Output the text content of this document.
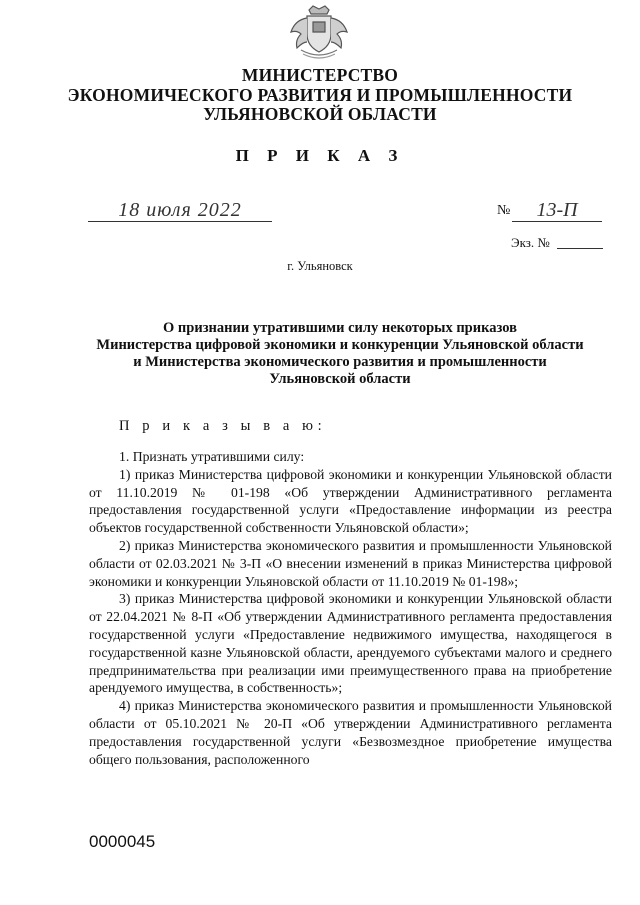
МИНИСТЕРСТВО
ЭКОНОМИЧЕСКОГО РАЗВИТИЯ И ПРОМЫШЛЕННОСТИ
УЛЬЯНОВСКОЙ ОБЛАСТИ
П Р И К А З
18 июля 2022	№	13-П
Экз. №
г. Ульяновск
О признании утратившими силу некоторых приказов
Министерства цифровой экономики и конкуренции Ульяновской области
и Министерства экономического развития и промышленности
Ульяновской области
П р и к а з ы в а ю:

1. Признать утратившими силу:

1) приказ Министерства цифровой экономики и конкуренции Ульяновской области от 11.10.2019 № 01-198 «Об утверждении Административного регламента предоставления государственной услуги «Предоставление информации из реестра объектов государственной собственности Ульяновской области»;

2) приказ Министерства экономического развития и промышленности Ульяновской области от 02.03.2021 № 3-П «О внесении изменений в приказ Министерства цифровой экономики и конкуренции Ульяновской области от 11.10.2019 № 01-198»;

3) приказ Министерства цифровой экономики и конкуренции Ульяновской области от 22.04.2021 № 8-П «Об утверждении Административного регламента предоставления государственной услуги «Предоставление недвижимого имущества, находящегося в государственной казне Ульяновской области, арендуемого субъектами малого и среднего предпринимательства при реализации ими преимущественного права на приобретение арендуемого имущества, в собственность»;

4) приказ Министерства экономического развития и промышленности Ульяновской области от 05.10.2021 № 20-П «Об утверждении Административного регламента предоставления государственной услуги «Безвозмездное приобретение имущества общего пользования, расположенного

0000045
